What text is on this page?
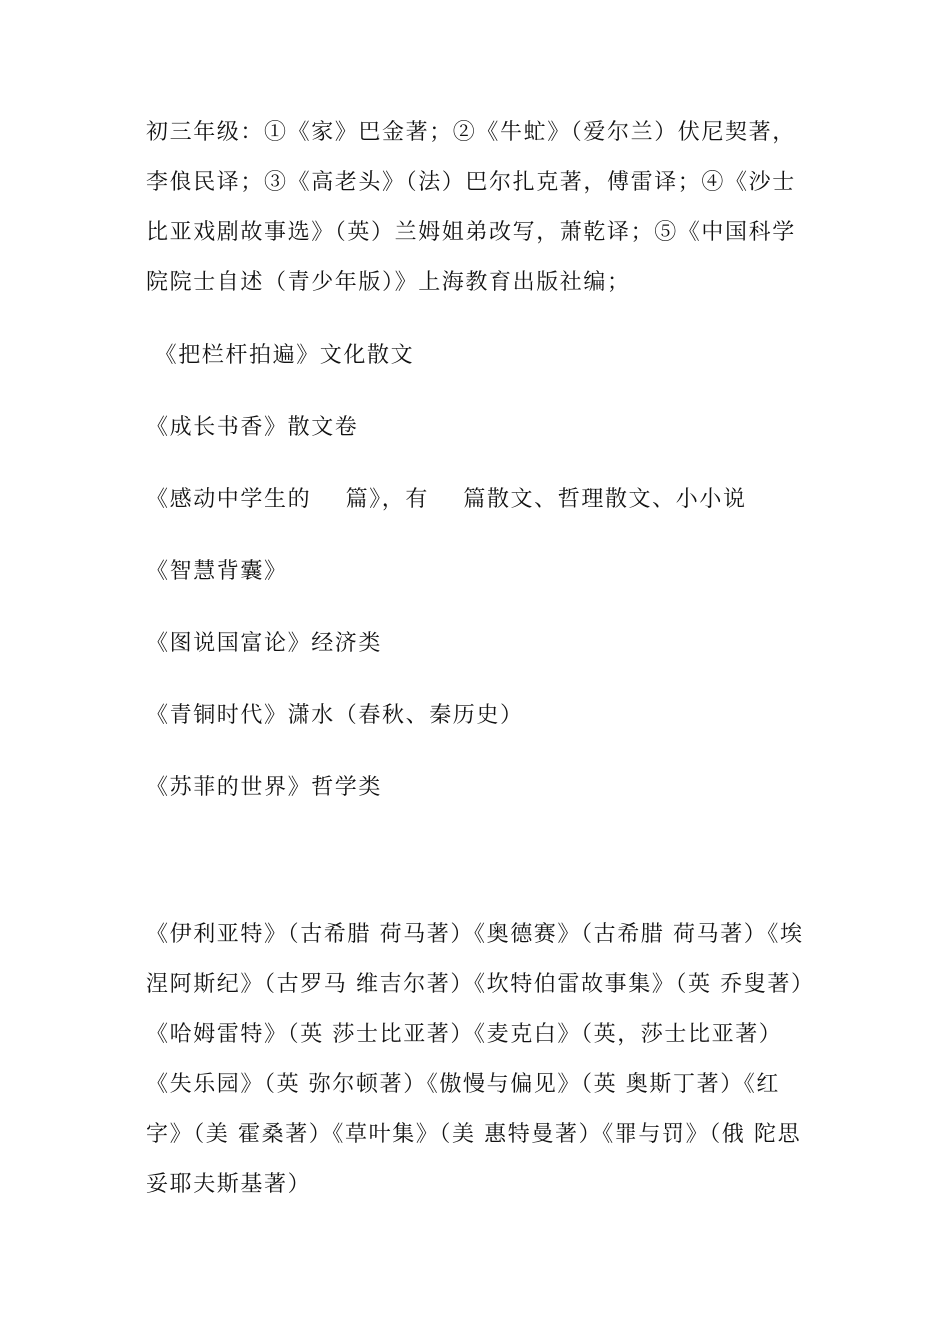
初三年级：①《家》巴金著；②《牛虻》（爱尔兰）伏尼契著，李俍民译；③《高老头》（法）巴尔扎克著，傅雷译；④《沙士比亚戏剧故事选》（英）兰姆姐弟改写，萧乾译；⑤《中国科学院院士自述（青少年版）》上海教育出版社编；

《把栏杆拍遍》文化散文

《成长书香》散文卷

《感动中学生的    篇》，有    篇散文、哲理散文、小小说

《智慧背囊》

《图说国富论》经济类

《青铜时代》潇水（春秋、秦历史）

《苏菲的世界》哲学类

《伊利亚特》（古希腊 荷马著）《奥德赛》（古希腊 荷马著）《埃涅阿斯纪》（古罗马 维吉尔著）《坎特伯雷故事集》（英 乔叟著）《哈姆雷特》（英 莎士比亚著）《麦克白》（英，莎士比亚著）《失乐园》（英 弥尔顿著）《傲慢与偏见》（英 奥斯丁著）《红字》（美 霍桑著）《草叶集》（美 惠特曼著）《罪与罚》（俄 陀思妥耶夫斯基著）
